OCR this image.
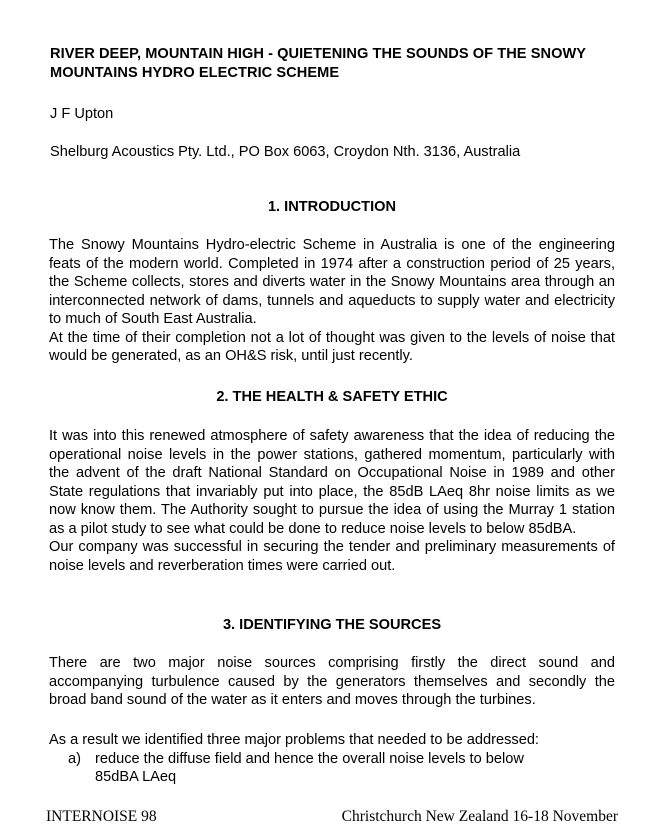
RIVER DEEP, MOUNTAIN HIGH - QUIETENING THE SOUNDS OF THE SNOWY MOUNTAINS HYDRO ELECTRIC SCHEME
J F Upton
Shelburg Acoustics Pty. Ltd., PO Box 6063, Croydon Nth. 3136, Australia
1. INTRODUCTION

The Snowy Mountains Hydro-electric Scheme in Australia is one of the engineering feats of the modern world. Completed in 1974 after a construction period of 25 years, the Scheme collects, stores and diverts water in the Snowy Mountains area through an interconnected network of dams, tunnels and aqueducts to supply water and electricity to much of South East Australia.

At the time of their completion not a lot of thought was given to the levels of noise that would be generated, as an OH&S risk, until just recently.

2. THE HEALTH & SAFETY ETHIC

It was into this renewed atmosphere of safety awareness that the idea of reducing the operational noise levels in the power stations, gathered momentum, particularly with the advent of the draft National Standard on Occupational Noise in 1989 and other State regulations that invariably put into place, the 85dB LAeq 8hr noise limits as we now know them. The Authority sought to pursue the idea of using the Murray 1 station as a pilot study to see what could be done to reduce noise levels to below 85dBA.

Our company was successful in securing the tender and preliminary measurements of noise levels and reverberation times were carried out.

3. IDENTIFYING THE SOURCES

There are two major noise sources comprising firstly the direct sound and accompanying turbulence caused by the generators themselves and secondly the broad band sound of the water as it enters and moves through the turbines.

As a result we identified three major problems that needed to be addressed:

a) reduce the diffuse field and hence the overall noise levels to below 85dBA LAeq
INTERNOISE 98	Christchurch New Zealand 16-18 November
